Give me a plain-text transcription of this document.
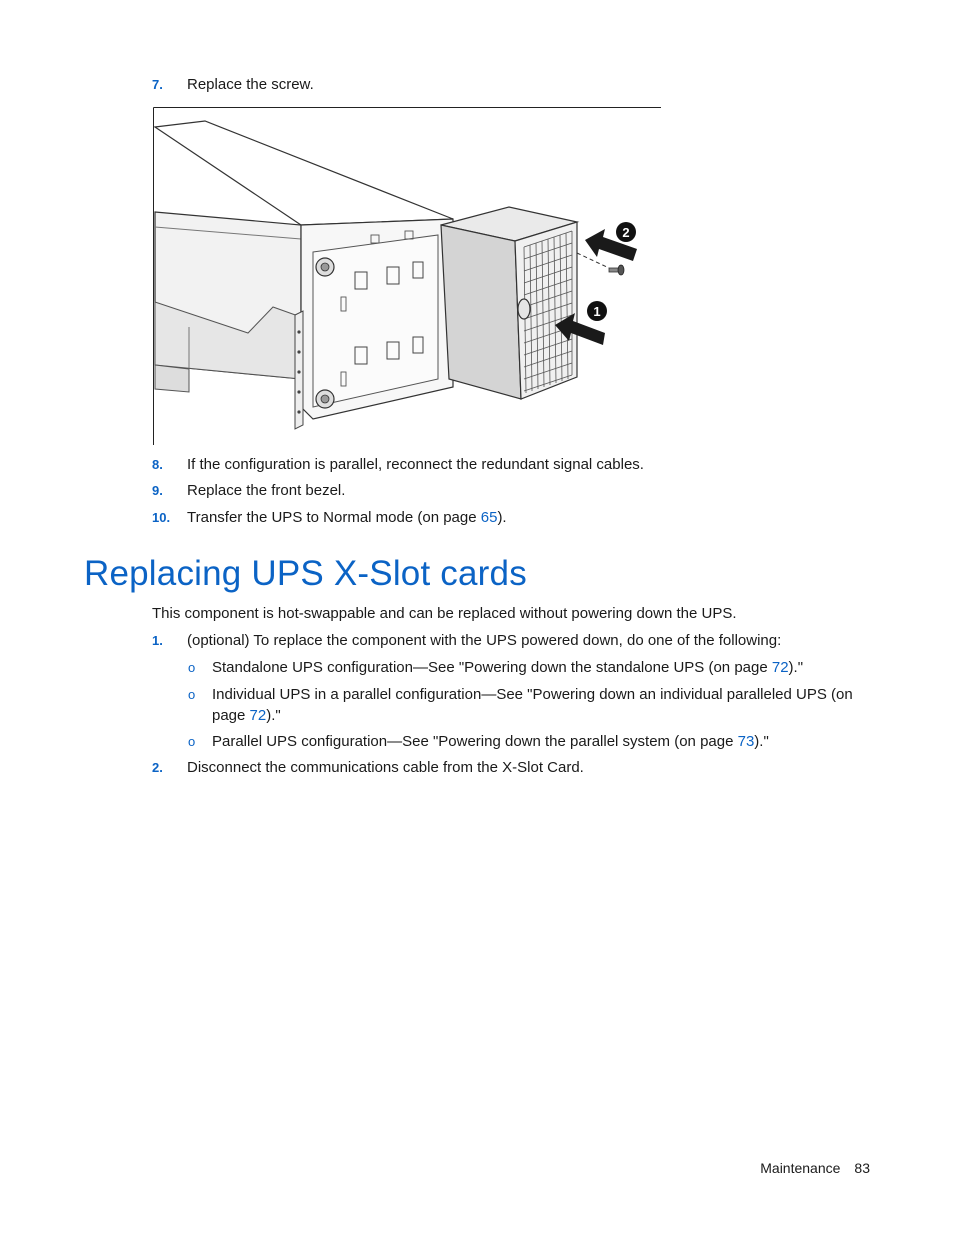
7. Replace the screw.
2
1
8. If the configuration is parallel, reconnect the redundant signal cables.
9. Replace the front bezel.
10. Transfer the UPS to Normal mode (on page 65).
Replacing UPS X-Slot cards
This component is hot-swappable and can be replaced without powering down the UPS.
1. (optional) To replace the component with the UPS powered down, do one of the following:
o Standalone UPS configuration—See "Powering down the standalone UPS (on page 72)."
o Individual UPS in a parallel configuration—See "Powering down an individual paralleled UPS (on
page 72)."
o Parallel UPS configuration—See "Powering down the parallel system (on page 73)."
2. Disconnect the communications cable from the X-Slot Card.
Maintenance 83
